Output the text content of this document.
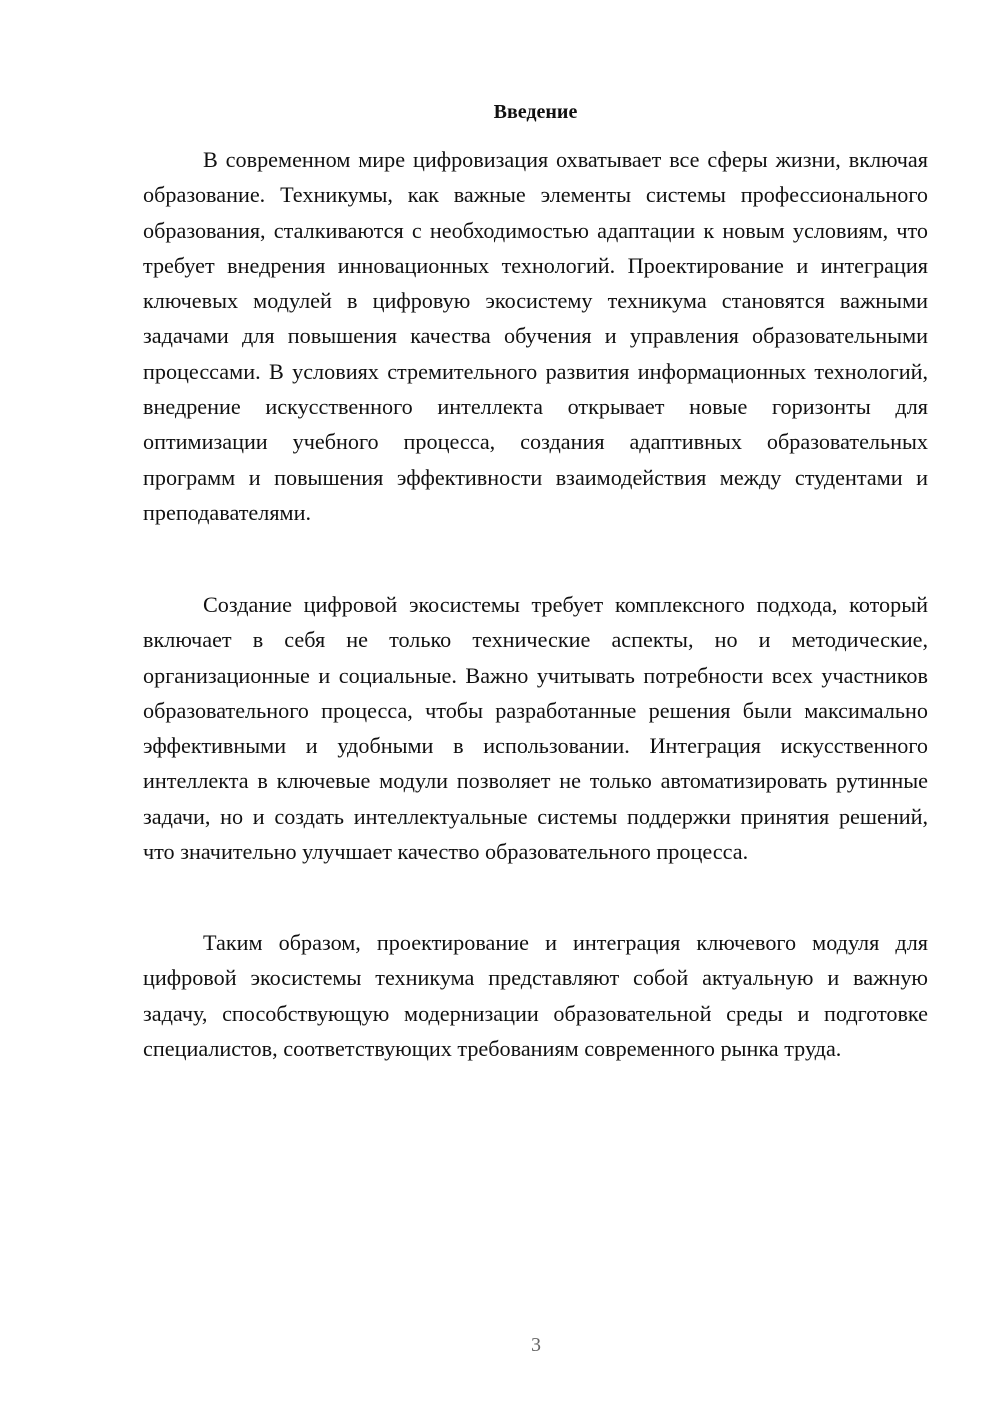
Введение

В современном мире цифровизация охватывает все сферы жизни, включая образование. Техникумы, как важные элементы системы профессионального образования, сталкиваются с необходимостью адаптации к новым условиям, что требует внедрения инновационных технологий. Проектирование и интеграция ключевых модулей в цифровую экосистему техникума становятся важными задачами для повышения качества обучения и управления образовательными процессами. В условиях стремительного развития информационных технологий, внедрение искусственного интеллекта открывает новые горизонты для оптимизации учебного процесса, создания адаптивных образовательных программ и повышения эффективности взаимодействия между студентами и преподавателями.

Создание цифровой экосистемы требует комплексного подхода, который включает в себя не только технические аспекты, но и методические, организационные и социальные. Важно учитывать потребности всех участников образовательного процесса, чтобы разработанные решения были максимально эффективными и удобными в использовании. Интеграция искусственного интеллекта в ключевые модули позволяет не только автоматизировать рутинные задачи, но и создать интеллектуальные системы поддержки принятия решений, что значительно улучшает качество образовательного процесса.

Таким образом, проектирование и интеграция ключевого модуля для цифровой экосистемы техникума представляют собой актуальную и важную задачу, способствующую модернизации образовательной среды и подготовке специалистов, соответствующих требованиям современного рынка труда.

3
